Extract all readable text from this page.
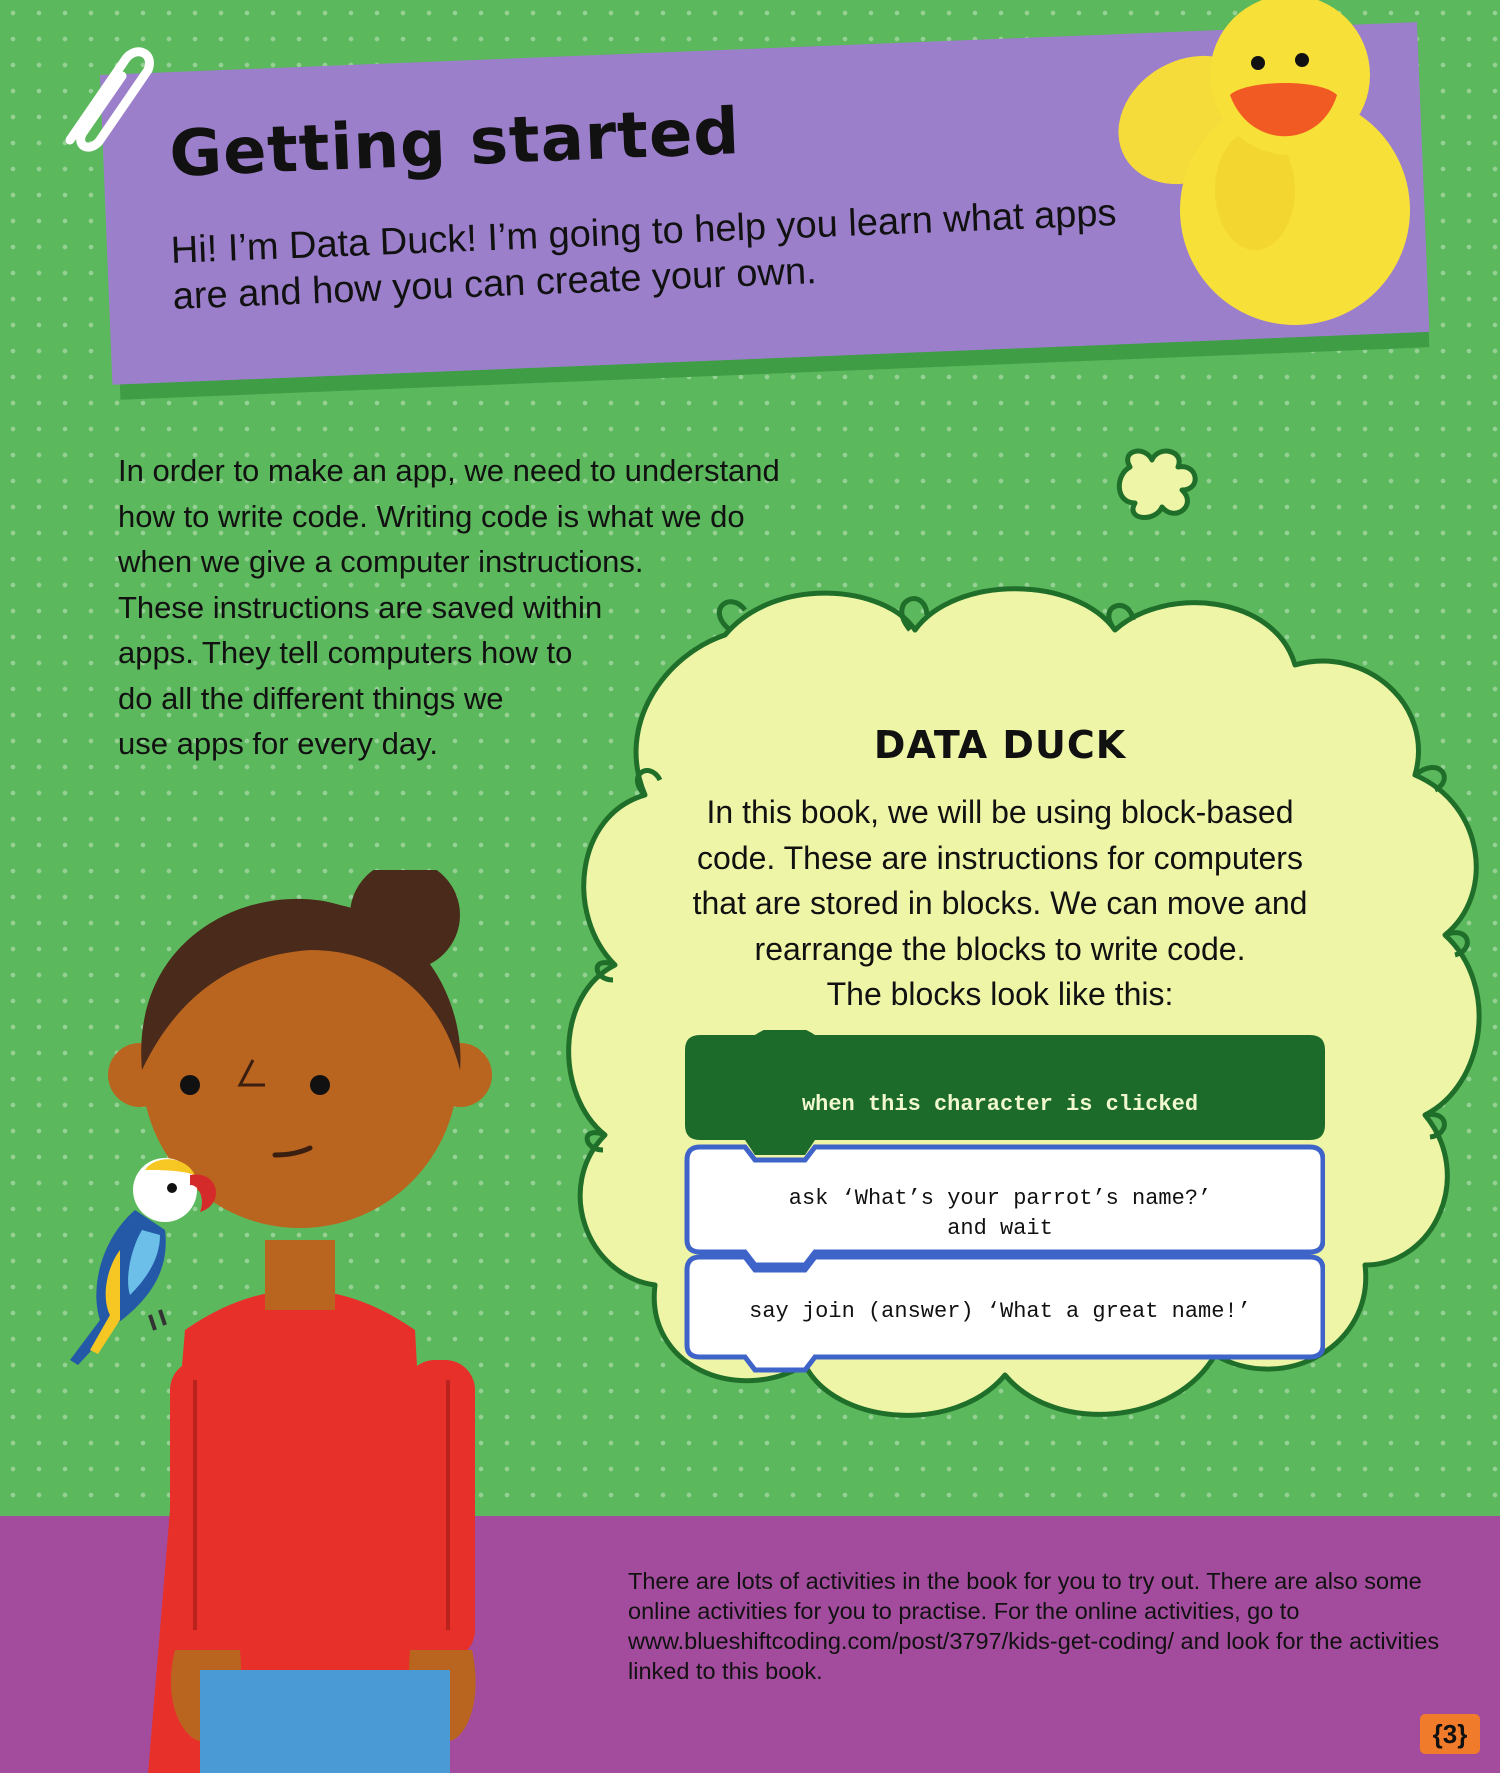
Getting started
Hi! I’m Data Duck! I’m going to help you learn what apps are and how you can create your own.
In order to make an app, we need to understand
how to write code. Writing code is what we do
when we give a computer instructions.
These instructions are saved within
apps. They tell computers how to
do all the different things we
use apps for every day.	DATA DUCK
In this book, we will be using block-based
code. These are instructions for computers
that are stored in blocks. We can move and
rearrange the blocks to write code.
The blocks look like this:
when this character is clicked
ask ‘What’s your parrot’s name?’
and wait
say join (answer) ‘What a great name!’
There are lots of activities in the book for you to try out. There are also some online activities for you to practise. For the online activities, go to www.blueshiftcoding.com/post/3797/kids-get-coding/ and look for the activities linked to this book.
{3}
